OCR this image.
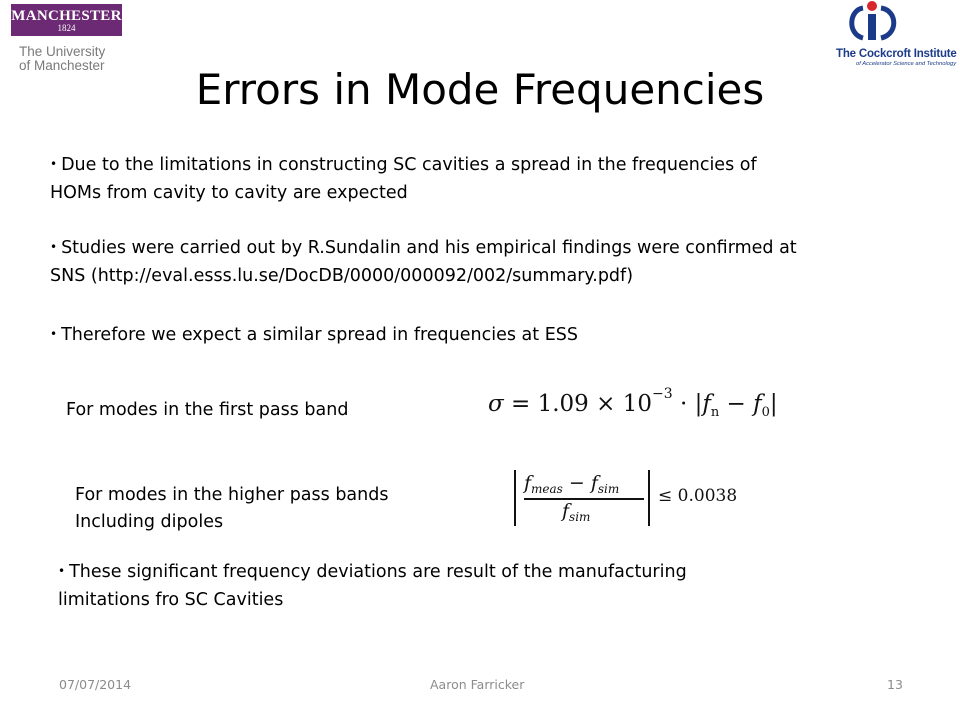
MANCHESTER
1824
The University
of Manchester
The Cockcroft Institute
of Accelerator Science and Technology
Errors in Mode Frequencies
• Due to the limitations in constructing SC cavities a spread in the frequencies of
HOMs from cavity to cavity are expected
• Studies were carried out by R.Sundalin and his empirical findings were confirmed at
SNS (http://eval.esss.lu.se/DocDB/0000/000092/002/summary.pdf)
• Therefore we expect a similar spread in frequencies at ESS
For modes in the first pass band	$\sigma = 1.09 \times 10^{-3} \cdot |f_n - f_0|$
For modes in the higher pass bands
Including dipoles
$f_{meas} - f_{sim}$
$f_{sim}$
≤ 0.0038
• These significant frequency deviations are result of the manufacturing
limitations fro SC Cavities
07/07/2014	Aaron Farricker	13
